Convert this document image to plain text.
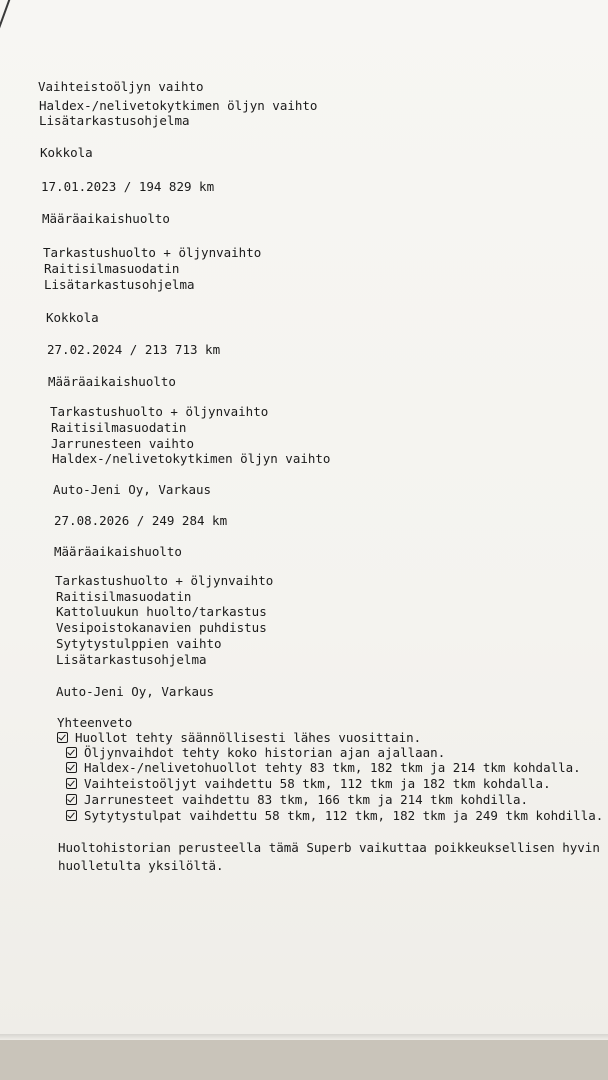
Vaihteistoöljyn vaihto
Haldex-/nelivetokytkimen öljyn vaihto
Lisätarkastusohjelma
Kokkola
17.01.2023 / 194 829 km
Määräaikaishuolto
Tarkastushuolto + öljynvaihto
Raitisilmasuodatin
Lisätarkastusohjelma
Kokkola
27.02.2024 / 213 713 km
Määräaikaishuolto
Tarkastushuolto + öljynvaihto
Raitisilmasuodatin
Jarrunesteen vaihto
Haldex-/nelivetokytkimen öljyn vaihto
Auto-Jeni Oy, Varkaus
27.08.2026 / 249 284 km
Määräaikaishuolto
Tarkastushuolto + öljynvaihto
Raitisilmasuodatin
Kattoluukun huolto/tarkastus
Vesipoistokanavien puhdistus
Sytytystulppien vaihto
Lisätarkastusohjelma
Auto-Jeni Oy, Varkaus
Yhteenveto
Huollot tehty säännöllisesti lähes vuosittain.
Öljynvaihdot tehty koko historian ajan ajallaan.
Haldex-/nelivetohuollot tehty 83 tkm, 182 tkm ja 214 tkm kohdalla.
Vaihteistoöljyt vaihdettu 58 tkm, 112 tkm ja 182 tkm kohdalla.
Jarrunesteet vaihdettu 83 tkm, 166 tkm ja 214 tkm kohdilla.
Sytytystulpat vaihdettu 58 tkm, 112 tkm, 182 tkm ja 249 tkm kohdilla.
Huoltohistorian perusteella tämä Superb vaikuttaa poikkeuksellisen hyvin
huolletulta yksilöltä.
